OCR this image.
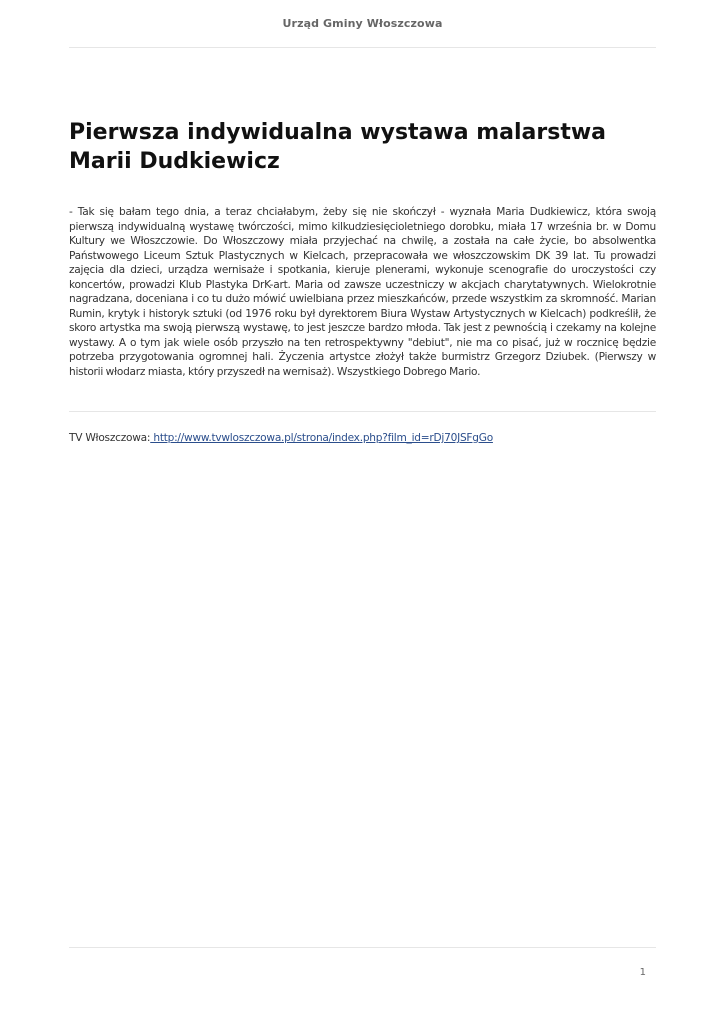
Urząd Gminy Włoszczowa
Pierwsza indywidualna wystawa malarstwa Marii Dudkiewicz

- Tak się bałam tego dnia, a teraz chciałabym, żeby się nie skończył - wyznała Maria Dudkiewicz, która swoją pierwszą indywidualną wystawę twórczości, mimo kilkudziesięcioletniego dorobku, miała 17 września br. w Domu Kultury we Włoszczowie. Do Włoszczowy miała przyjechać na chwilę, a została na całe życie, bo absolwentka Państwowego Liceum Sztuk Plastycznych w Kielcach, przepracowała we włoszczowskim DK 39 lat. Tu prowadzi zajęcia dla dzieci, urządza wernisaże i spotkania, kieruje plenerami, wykonuje scenografie do uroczystości czy koncertów, prowadzi Klub Plastyka DrK-art. Maria od zawsze uczestniczy w akcjach charytatywnych. Wielokrotnie nagradzana, doceniana i co tu dużo mówić uwielbiana przez mieszkańców, przede wszystkim za skromność. Marian Rumin, krytyk i historyk sztuki (od 1976 roku był dyrektorem Biura Wystaw Artystycznych w Kielcach) podkreślił, że skoro artystka ma swoją pierwszą wystawę, to jest jeszcze bardzo młoda. Tak jest z pewnością i czekamy na kolejne wystawy. A o tym jak wiele osób przyszło na ten retrospektywny "debiut", nie ma co pisać, już w rocznicę będzie potrzeba przygotowania ogromnej hali. Życzenia artystce złożył także burmistrz Grzegorz Dziubek. (Pierwszy w historii włodarz miasta, który przyszedł na wernisaż). Wszystkiego Dobrego Mario.

TV Włoszczowa: http://www.tvwloszczowa.pl/strona/index.php?film_id=rDj70JSFgGo
1
